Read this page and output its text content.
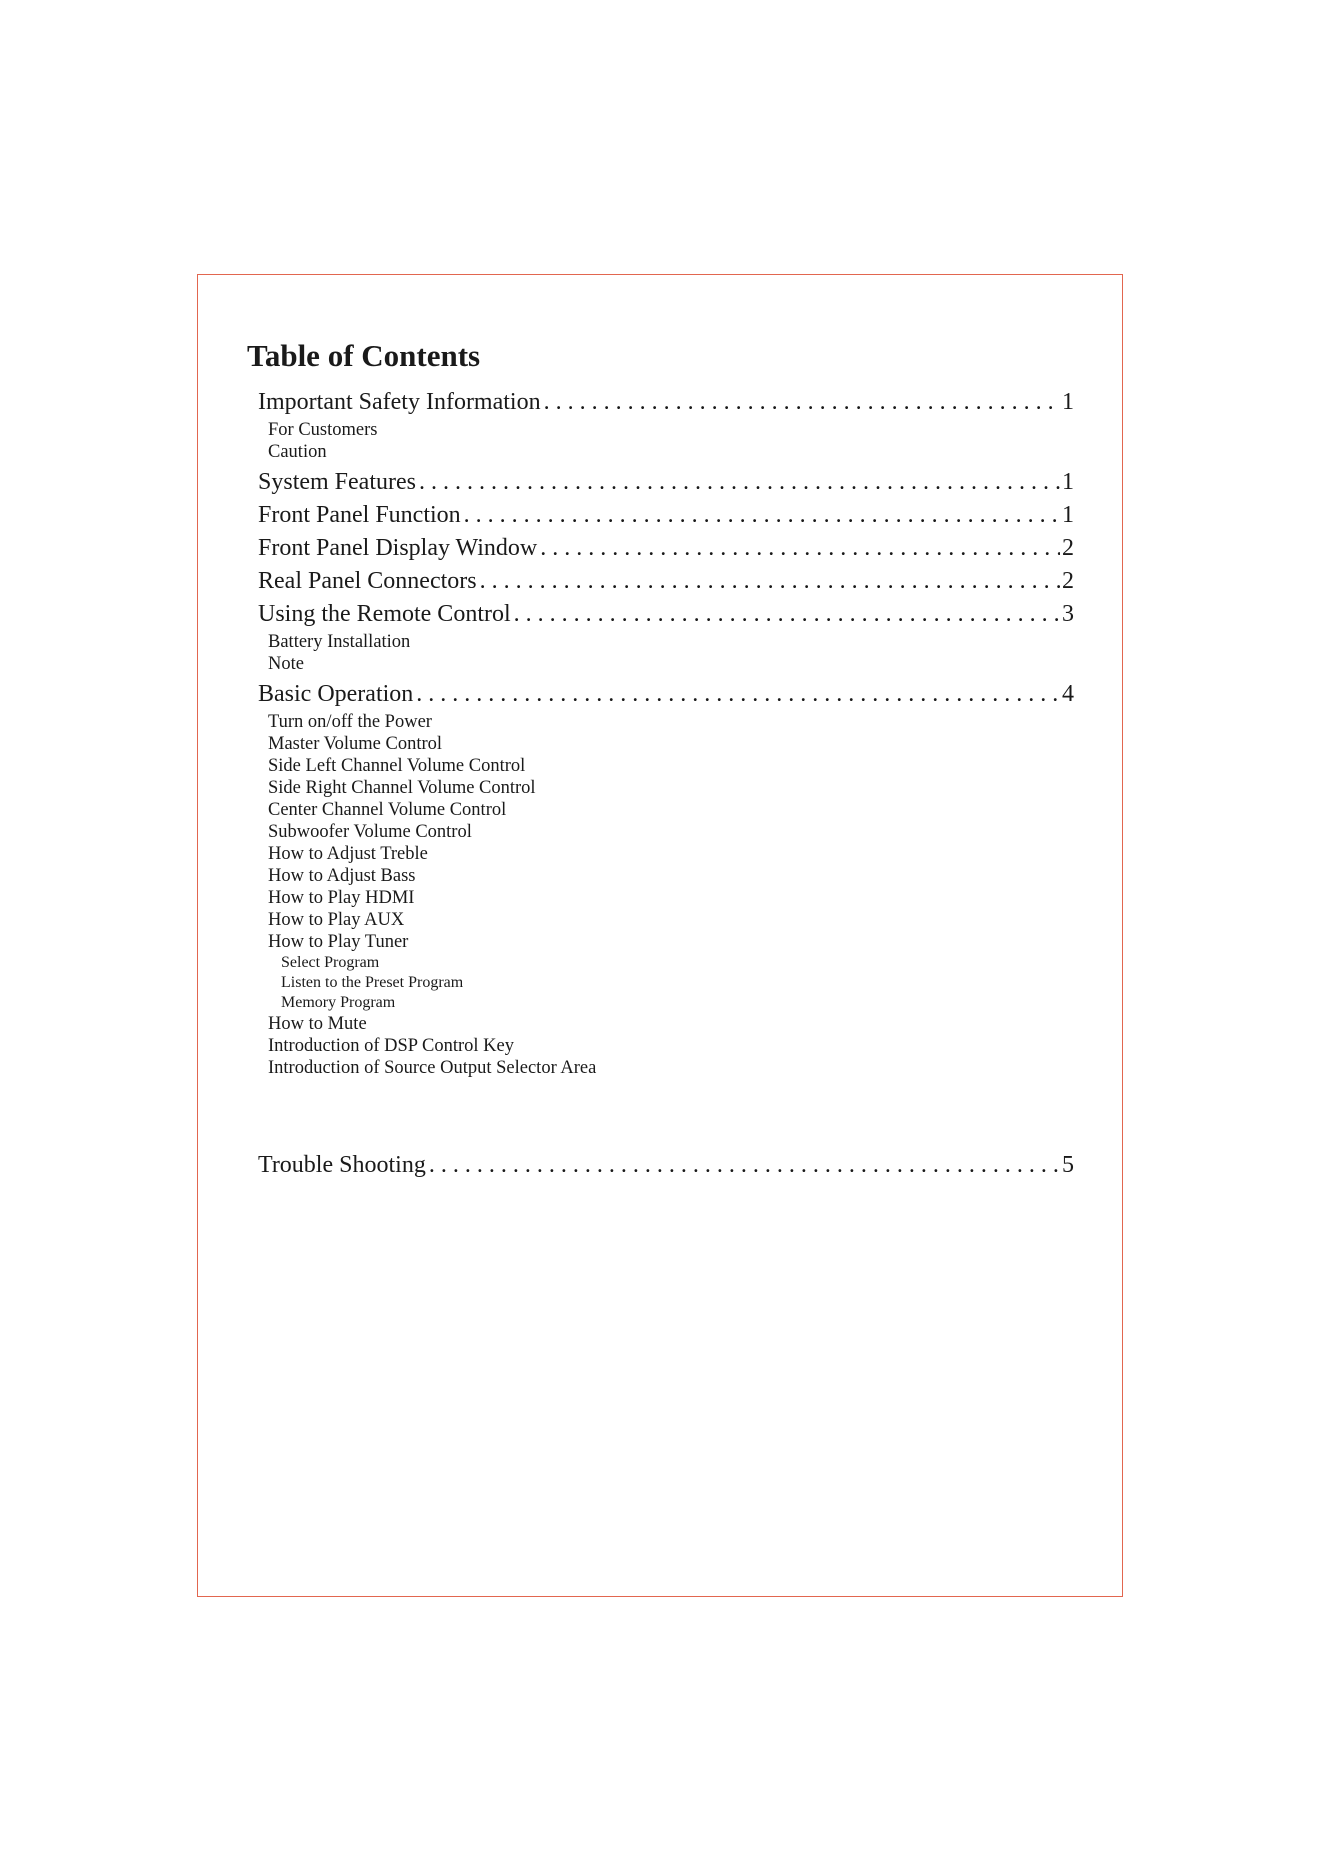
Table of Contents
Important Safety Information . . .	1
For Customers
Caution
System Features . . .	1
Front Panel Function . . .	1
Front Panel Display Window . . .	2
Real Panel Connectors . . .	2
Using the Remote Control . . .	3
Battery Installation
Note
Basic Operation . . .	4
Turn on/off the Power
Master Volume Control
Side Left Channel Volume Control
Side Right Channel Volume Control
Center Channel Volume Control
Subwoofer Volume Control
How to Adjust Treble
How to Adjust Bass
How to Play HDMI
How to Play AUX
How to Play Tuner
Select Program
Listen to the Preset Program
Memory Program
How to Mute
Introduction of DSP Control Key
Introduction of Source Output Selector Area
Trouble Shooting . . .	5
